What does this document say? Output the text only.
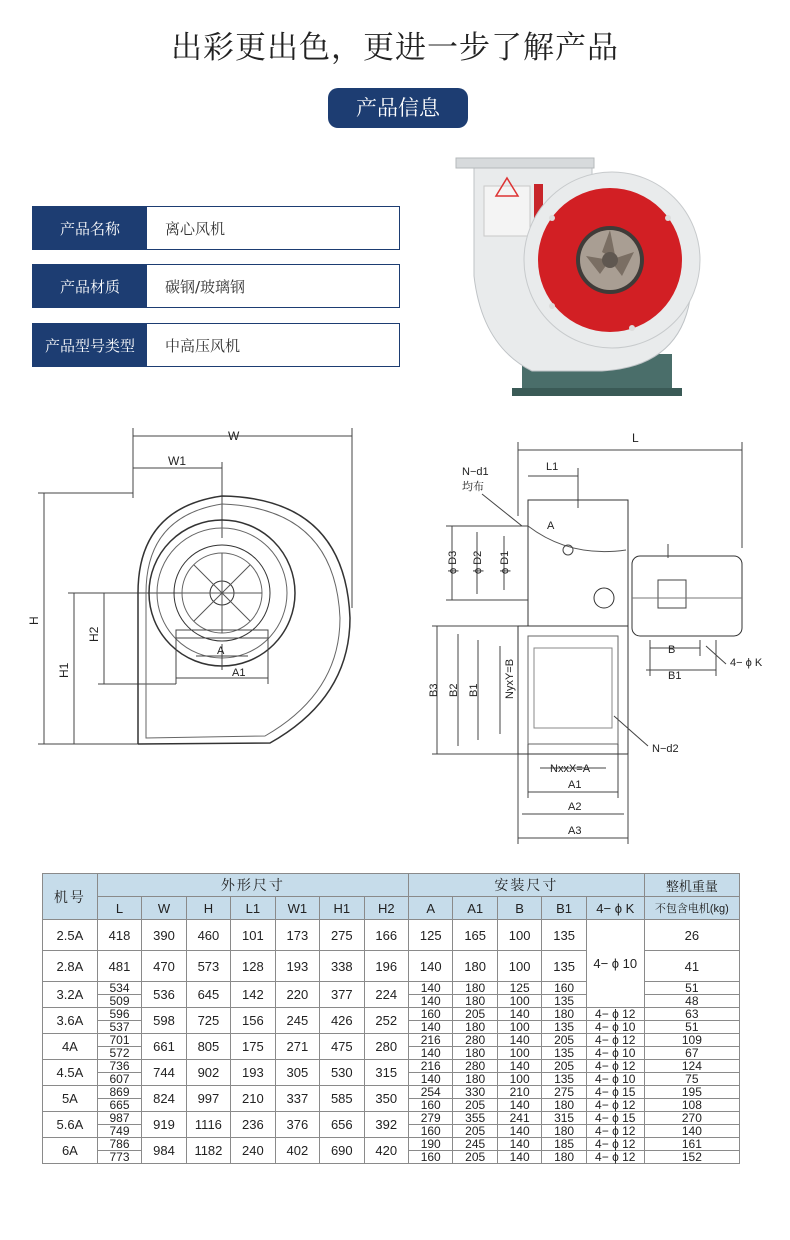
出彩更出色，更进一步了解产品
产品信息
产品名称	离心风机
产品材质	碳钢/玻璃钢
产品型号类型	中高压风机
W
W1
H
H1
H2
A
A1
L
L1
N−d1
均布
A
ϕ D3 ϕ D2 ϕ D1
B
B1
4− ϕ K
B3 B2 B1 NyxY=B
N−d2
NxxX=A
A1
A2
A3
机号	外形尺寸							安装尺寸					整机重量
	L	W	H	L1	W1	H1	H2	A	A1	B	B1	4− ϕ K	不包含电机(kg)
2.5A	418	390	460	101	173	275	166	125	165	100	135	4− ϕ 10	26
2.8A	481	470	573	128	193	338	196	140	180	100	135		41
3.2A	534	536	645	142	220	377	224	140	180	125	160		51
	509							140	180	100	135		48
3.6A	596	598	725	156	245	426	252	160	205	140	180	4− ϕ 12	63
	537							140	180	100	135	4− ϕ 10	51
4A	701	661	805	175	271	475	280	216	280	140	205	4− ϕ 12	109
	572							140	180	100	135	4− ϕ 10	67
4.5A	736	744	902	193	305	530	315	216	280	140	205	4− ϕ 12	124
	607							140	180	100	135	4− ϕ 10	75
5A	869	824	997	210	337	585	350	254	330	210	275	4− ϕ 15	195
	665							160	205	140	180	4− ϕ 12	108
5.6A	987	919	1116	236	376	656	392	279	355	241	315	4− ϕ 15	270
	749							160	205	140	180	4− ϕ 12	140
6A	786	984	1182	240	402	690	420	190	245	140	185	4− ϕ 12	161
	773							160	205	140	180	4− ϕ 12	152
